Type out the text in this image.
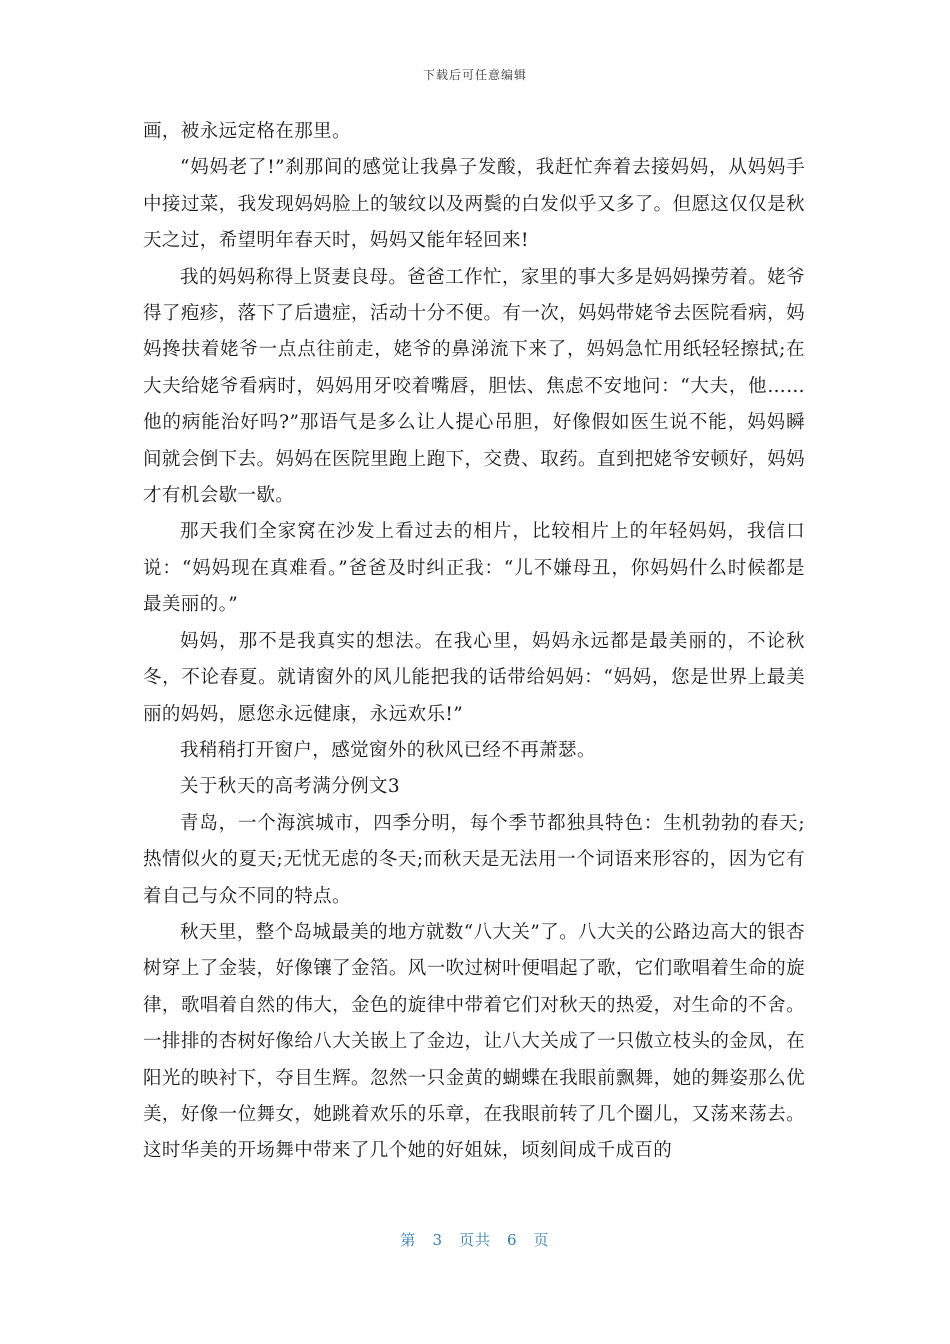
下载后可任意编辑

画，被永远定格在那里。

“妈妈老了!”刹那间的感觉让我鼻子发酸，我赶忙奔着去接妈妈，从妈妈手中接过菜，我发现妈妈脸上的皱纹以及两鬓的白发似乎又多了。但愿这仅仅是秋天之过，希望明年春天时，妈妈又能年轻回来!

我的妈妈称得上贤妻良母。爸爸工作忙，家里的事大多是妈妈操劳着。姥爷得了疱疹，落下了后遗症，活动十分不便。有一次，妈妈带姥爷去医院看病，妈妈搀扶着姥爷一点点往前走，姥爷的鼻涕流下来了，妈妈急忙用纸轻轻擦拭;在大夫给姥爷看病时，妈妈用牙咬着嘴唇，胆怯、焦虑不安地问：“大夫，他……他的病能治好吗?”那语气是多么让人提心吊胆，好像假如医生说不能，妈妈瞬间就会倒下去。妈妈在医院里跑上跑下，交费、取药。直到把姥爷安顿好，妈妈才有机会歇一歇。

那天我们全家窝在沙发上看过去的相片，比较相片上的年轻妈妈，我信口说：“妈妈现在真难看。”爸爸及时纠正我：“儿不嫌母丑，你妈妈什么时候都是最美丽的。”

妈妈，那不是我真实的想法。在我心里，妈妈永远都是最美丽的，不论秋冬，不论春夏。就请窗外的风儿能把我的话带给妈妈：“妈妈，您是世界上最美丽的妈妈，愿您永远健康，永远欢乐!”

我稍稍打开窗户，感觉窗外的秋风已经不再萧瑟。

关于秋天的高考满分例文3

青岛，一个海滨城市，四季分明，每个季节都独具特色：生机勃勃的春天;热情似火的夏天;无忧无虑的冬天;而秋天是无法用一个词语来形容的，因为它有着自己与众不同的特点。

秋天里，整个岛城最美的地方就数“八大关”了。八大关的公路边高大的银杏树穿上了金装，好像镶了金箔。风一吹过树叶便唱起了歌，它们歌唱着生命的旋律，歌唱着自然的伟大，金色的旋律中带着它们对秋天的热爱，对生命的不舍。一排排的杏树好像给八大关嵌上了金边，让八大关成了一只傲立枝头的金凤，在阳光的映衬下，夺目生辉。忽然一只金黄的蝴蝶在我眼前飘舞，她的舞姿那么优美，好像一位舞女，她跳着欢乐的乐章，在我眼前转了几个圈儿，又荡来荡去。这时华美的开场舞中带来了几个她的好姐妹，顷刻间成千成百的

第 3 页共 6 页
